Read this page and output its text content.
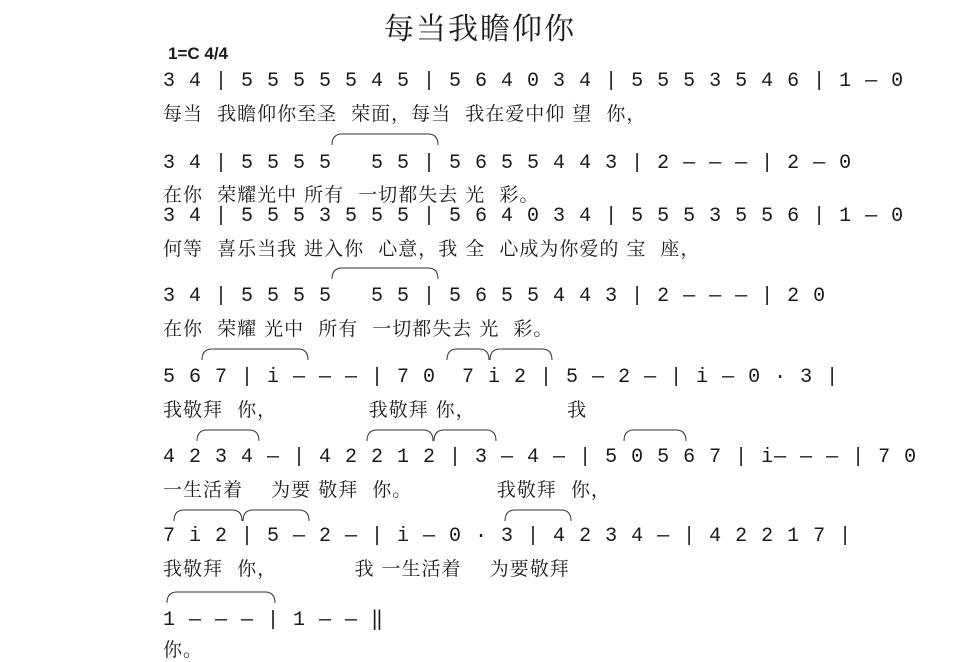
每当我瞻仰你
1=C 4/4
3 4 | 5 5 5 5 5 4 5 | 5 6 4 0 3 4 | 5 5 5 3 5 4 6 | 1 — 0
每当  我瞻仰你至圣  荣面，每当  我在爱中仰 望  你，
3 4 | 5 5 5 5   5 5 | 5 6 5 5 4 4 3 | 2 — — — | 2 — 0
在你  荣耀光中 所有  一切都失去 光  彩。
3 4 | 5 5 5 3 5 5 5 | 5 6 4 0 3 4 | 5 5 5 3 5 5 6 | 1 — 0
何等  喜乐当我 进入你  心意，我 全  心成为你爱的 宝  座，
3 4 | 5 5 5 5   5 5 | 5 6 5 5 4 4 3 | 2 — — — | 2 0
在你  荣耀 光中  所有  一切都失去 光  彩。
5 6 7 | i — — — | 7 0  7 i 2 | 5 — 2 — | i — 0 · 3 |
我敬拜  你，             我敬拜 你，             我
4 2 3 4 — | 4 2 2 1 2 | 3 — 4 — | 5 0 5 6 7 | i— — — | 7 0
一生活着    为要 敬拜  你。            我敬拜  你，
7 i 2 | 5 — 2 — | i — 0 · 3 | 4 2 3 4 — | 4 2 2 1 7 |
我敬拜  你，           我 一生活着    为要敬拜
1 — — — | 1 — — ‖
你。
